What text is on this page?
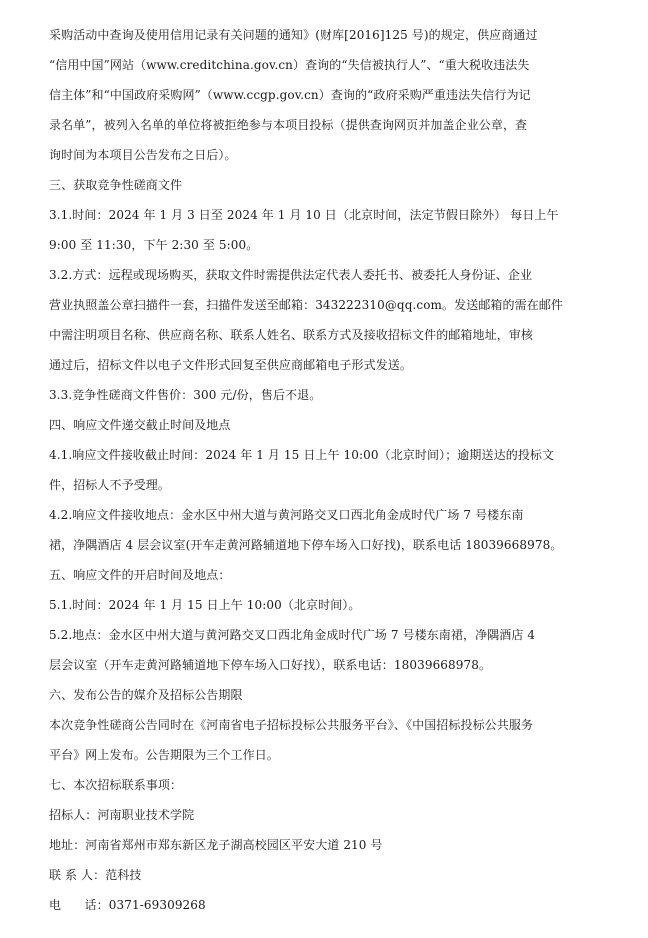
采购活动中查询及使用信用记录有关问题的通知》(财库[2016]125 号)的规定，供应商通过
“信用中国”网站（www.creditchina.gov.cn）查询的“失信被执行人”、“重大税收违法失
信主体”和“中国政府采购网”（www.ccgp.gov.cn）查询的“政府采购严重违法失信行为记
录名单”，被列入名单的单位将被拒绝参与本项目投标（提供查询网页并加盖企业公章，查
询时间为本项目公告发布之日后）。
三、获取竞争性磋商文件
3.1.时间：2024 年 1 月 3 日至 2024 年 1 月 10 日（北京时间，法定节假日除外） 每日上午
9:00 至 11:30，下午 2:30 至 5:00。
3.2.方式：远程或现场购买，获取文件时需提供法定代表人委托书、被委托人身份证、企业
营业执照盖公章扫描件一套，扫描件发送至邮箱：343222310@qq.com。发送邮箱的需在邮件
中需注明项目名称、供应商名称、联系人姓名、联系方式及接收招标文件的邮箱地址，审核
通过后，招标文件以电子文件形式回复至供应商邮箱电子形式发送。
3.3.竞争性磋商文件售价：300 元/份，售后不退。
四、响应文件递交截止时间及地点
4.1.响应文件接收截止时间：2024 年 1 月 15 日上午 10:00（北京时间）；逾期送达的投标文
件，招标人不予受理。
4.2.响应文件接收地点：金水区中州大道与黄河路交叉口西北角金成时代广场 7 号楼东南
裙，净隅酒店 4 层会议室(开车走黄河路辅道地下停车场入口好找)，联系电话 18039668978。
五、响应文件的开启时间及地点：
5.1.时间：2024 年 1 月 15 日上午 10:00（北京时间）。
5.2.地点：金水区中州大道与黄河路交叉口西北角金成时代广场 7 号楼东南裙，净隅酒店 4
层会议室（开车走黄河路辅道地下停车场入口好找），联系电话：18039668978。
六、发布公告的媒介及招标公告期限
本次竞争性磋商公告同时在《河南省电子招标投标公共服务平台》、《中国招标投标公共服务
平台》网上发布。公告期限为三个工作日。
七、本次招标联系事项：
招标人：河南职业技术学院
地址：河南省郑州市郑东新区龙子湖高校园区平安大道 210 号
联 系 人：范科技
电      话：0371-69309268
